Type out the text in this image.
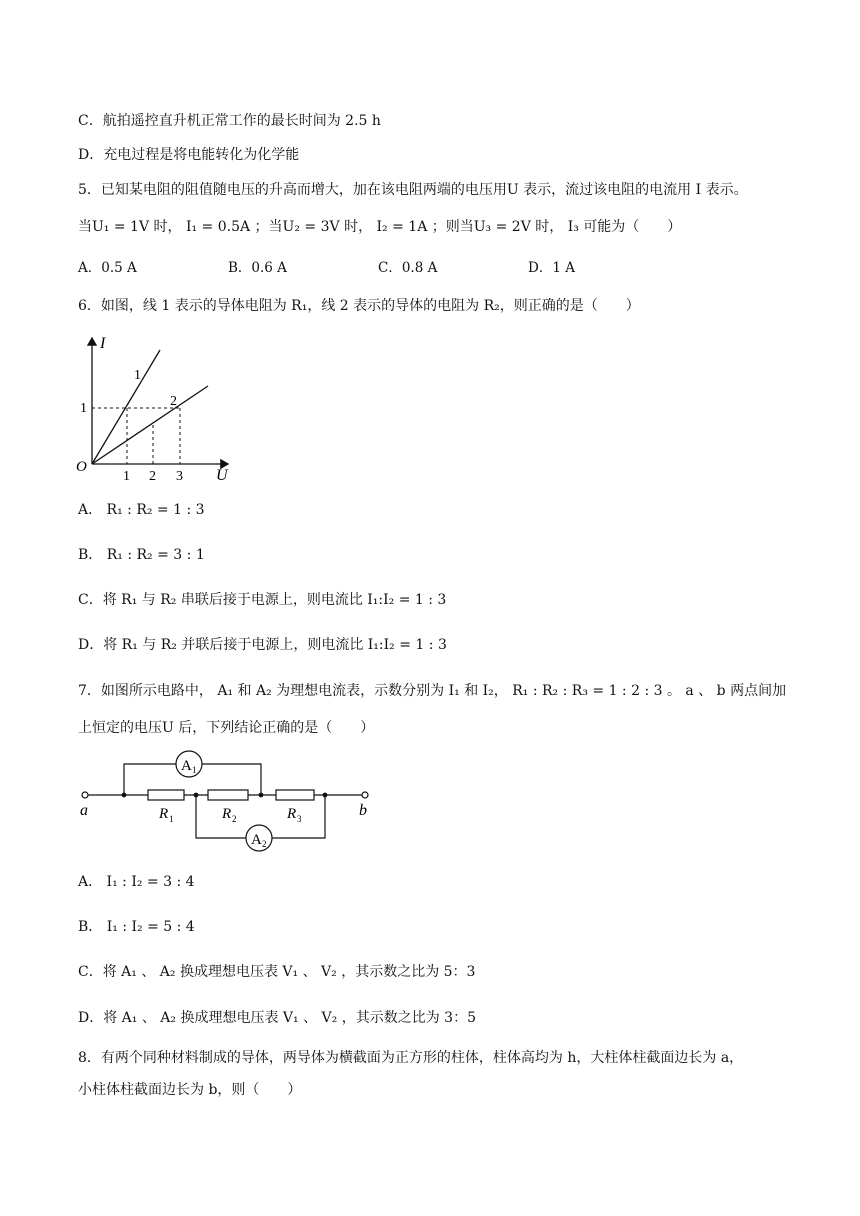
C．航拍遥控直升机正常工作的最长时间为 2.5 h
D．充电过程是将电能转化为化学能
5．已知某电阻的阻值随电压的升高而增大，加在该电阻两端的电压用U 表示，流过该电阻的电流用 I 表示。
当U₁ = 1V 时， I₁ = 0.5A ；当U₂ = 3V 时， I₂ = 1A ；则当U₃ = 2V 时， I₃ 可能为（　　）
A．0.5 A	B．0.6 A	C．0.8 A	D．1 A
6．如图，线 1 表示的导体电阻为 R₁，线 2 表示的导体的电阻为 R₂，则正确的是（　　）
I
U
O
1
2
1
1 2 3
A． R₁ : R₂ = 1 : 3
B． R₁ : R₂ = 3 : 1
C．将 R₁ 与 R₂ 串联后接于电源上，则电流比 I₁:I₂ = 1 : 3
D．将 R₁ 与 R₂ 并联后接于电源上，则电流比 I₁:I₂ = 1 : 3
7．如图所示电路中， A₁ 和 A₂ 为理想电流表，示数分别为 I₁ 和 I₂， R₁ : R₂ : R₃ = 1 : 2 : 3 。 a 、 b 两点间加
上恒定的电压U 后，下列结论正确的是（　　）
A 1
A 2
R 1	R 2	R 3
a	b
A． I₁ : I₂ = 3 : 4
B． I₁ : I₂ = 5 : 4
C．将 A₁ 、 A₂ 换成理想电压表 V₁ 、 V₂ ，其示数之比为 5：3
D．将 A₁ 、 A₂ 换成理想电压表 V₁ 、 V₂ ，其示数之比为 3：5
8．有两个同种材料制成的导体，两导体为横截面为正方形的柱体，柱体高均为 h，大柱体柱截面边长为 a，
小柱体柱截面边长为 b，则（　　）
